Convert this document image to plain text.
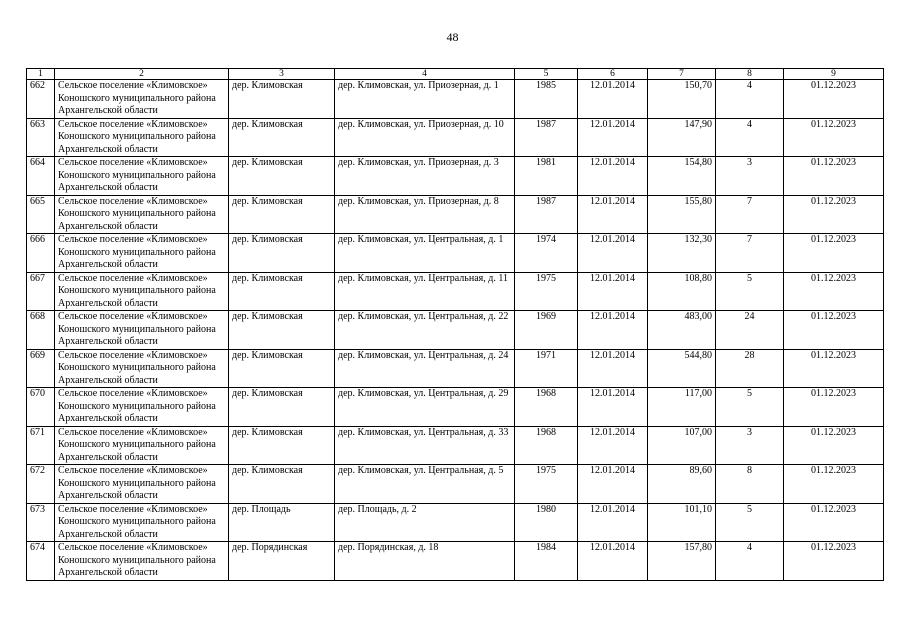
48
1	2	3	4	5	6	7	8	9
662	Сельское поселение «Климовское» Коношского муниципального района Архангельской области	дер. Климовская	дер. Климовская, ул. Приозерная, д. 1	1985	12.01.2014	150,70	4	01.12.2023
663	Сельское поселение «Климовское» Коношского муниципального района Архангельской области	дер. Климовская	дер. Климовская, ул. Приозерная, д. 10	1987	12.01.2014	147,90	4	01.12.2023
664	Сельское поселение «Климовское» Коношского муниципального района Архангельской области	дер. Климовская	дер. Климовская, ул. Приозерная, д. 3	1981	12.01.2014	154,80	3	01.12.2023
665	Сельское поселение «Климовское» Коношского муниципального района Архангельской области	дер. Климовская	дер. Климовская, ул. Приозерная, д. 8	1987	12.01.2014	155,80	7	01.12.2023
666	Сельское поселение «Климовское» Коношского муниципального района Архангельской области	дер. Климовская	дер. Климовская, ул. Центральная, д. 1	1974	12.01.2014	132,30	7	01.12.2023
667	Сельское поселение «Климовское» Коношского муниципального района Архангельской области	дер. Климовская	дер. Климовская, ул. Центральная, д. 11	1975	12.01.2014	108,80	5	01.12.2023
668	Сельское поселение «Климовское» Коношского муниципального района Архангельской области	дер. Климовская	дер. Климовская, ул. Центральная, д. 22	1969	12.01.2014	483,00	24	01.12.2023
669	Сельское поселение «Климовское» Коношского муниципального района Архангельской области	дер. Климовская	дер. Климовская, ул. Центральная, д. 24	1971	12.01.2014	544,80	28	01.12.2023
670	Сельское поселение «Климовское» Коношского муниципального района Архангельской области	дер. Климовская	дер. Климовская, ул. Центральная, д. 29	1968	12.01.2014	117,00	5	01.12.2023
671	Сельское поселение «Климовское» Коношского муниципального района Архангельской области	дер. Климовская	дер. Климовская, ул. Центральная, д. 33	1968	12.01.2014	107,00	3	01.12.2023
672	Сельское поселение «Климовское» Коношского муниципального района Архангельской области	дер. Климовская	дер. Климовская, ул. Центральная, д. 5	1975	12.01.2014	89,60	8	01.12.2023
673	Сельское поселение «Климовское» Коношского муниципального района Архангельской области	дер. Площадь	дер. Площадь, д. 2	1980	12.01.2014	101,10	5	01.12.2023
674	Сельское поселение «Климовское» Коношского муниципального района Архангельской области	дер. Порядинская	дер. Порядинская, д. 18	1984	12.01.2014	157,80	4	01.12.2023
